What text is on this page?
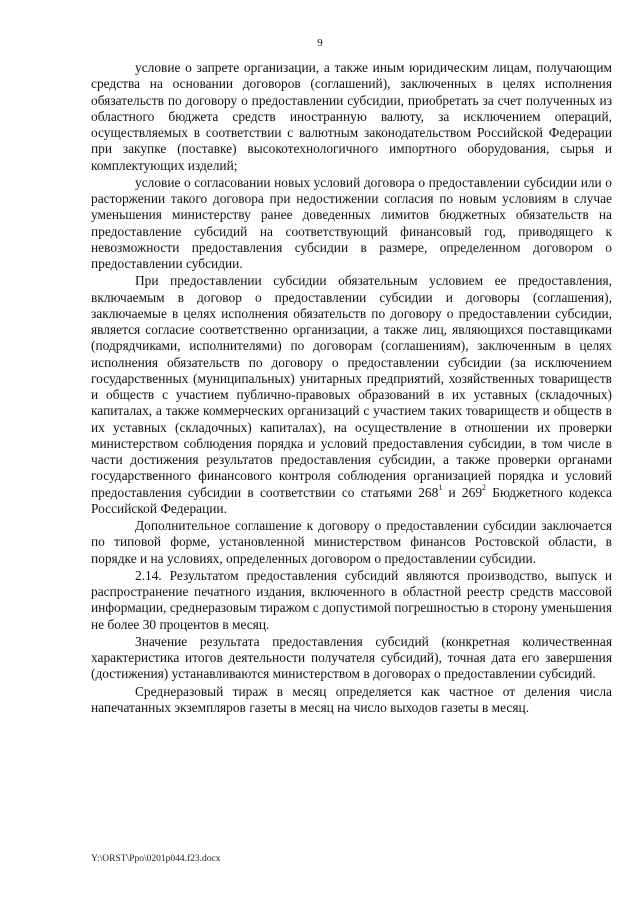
9

условие о запрете организации, а также иным юридическим лицам, получающим средства на основании договоров (соглашений), заключенных в целях исполнения обязательств по договору о предоставлении субсидии, приобретать за счет полученных из областного бюджета средств иностранную валюту, за исключением операций, осуществляемых в соответствии с валютным законодательством Российской Федерации при закупке (поставке) высокотехнологичного импортного оборудования, сырья и комплектующих изделий;

условие о согласовании новых условий договора о предоставлении субсидии или о расторжении такого договора при недостижении согласия по новым условиям в случае уменьшения министерству ранее доведенных лимитов бюджетных обязательств на предоставление субсидий на соответствующий финансовый год, приводящего к невозможности предоставления субсидии в размере, определенном договором о предоставлении субсидии.

При предоставлении субсидии обязательным условием ее предоставления, включаемым в договор о предоставлении субсидии и договоры (соглашения), заключаемые в целях исполнения обязательств по договору о предоставлении субсидии, является согласие соответственно организации, а также лиц, являющихся поставщиками (подрядчиками, исполнителями) по договорам (соглашениям), заключенным в целях исполнения обязательств по договору о предоставлении субсидии (за исключением государственных (муниципальных) унитарных предприятий, хозяйственных товариществ и обществ с участием публично-правовых образований в их уставных (складочных) капиталах, а также коммерческих организаций с участием таких товариществ и обществ в их уставных (складочных) капиталах), на осуществление в отношении их проверки министерством соблюдения порядка и условий предоставления субсидии, в том числе в части достижения результатов предоставления субсидии, а также проверки органами государственного финансового контроля соблюдения организацией порядка и условий предоставления субсидии в соответствии со статьями $268^1$ и $269^2$ Бюджетного кодекса Российской Федерации.

Дополнительное соглашение к договору о предоставлении субсидии заключается по типовой форме, установленной министерством финансов Ростовской области, в порядке и на условиях, определенных договором о предоставлении субсидии.

2.14. Результатом предоставления субсидий являются производство, выпуск и распространение печатного издания, включенного в областной реестр средств массовой информации, среднеразовым тиражом с допустимой погрешностью в сторону уменьшения не более 30 процентов в месяц.

Значение результата предоставления субсидий (конкретная количественная характеристика итогов деятельности получателя субсидий), точная дата его завершения (достижения) устанавливаются министерством в договорах о предоставлении субсидий.

Среднеразовый тираж в месяц определяется как частное от деления числа напечатанных экземпляров газеты в месяц на число выходов газеты в месяц.

Y:\ORST\Ppo\0201p044.f23.docx
